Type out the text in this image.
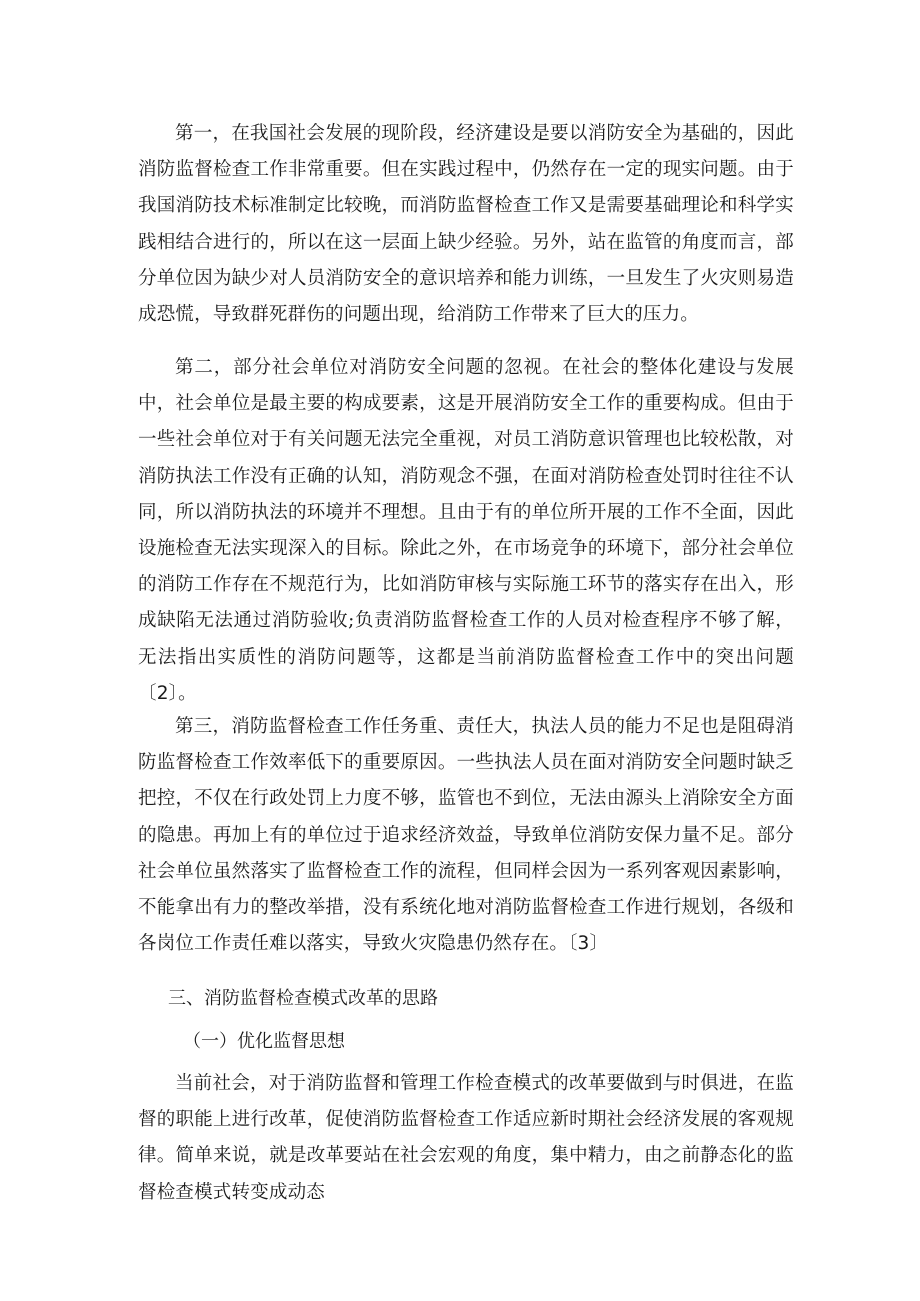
第一，在我国社会发展的现阶段，经济建设是要以消防安全为基础的，因此消防监督检查工作非常重要。但在实践过程中，仍然存在一定的现实问题。由于我国消防技术标准制定比较晚，而消防监督检查工作又是需要基础理论和科学实践相结合进行的，所以在这一层面上缺少经验。另外，站在监管的角度而言，部分单位因为缺少对人员消防安全的意识培养和能力训练，一旦发生了火灾则易造成恐慌，导致群死群伤的问题出现，给消防工作带来了巨大的压力。

第二，部分社会单位对消防安全问题的忽视。在社会的整体化建设与发展中，社会单位是最主要的构成要素，这是开展消防安全工作的重要构成。但由于一些社会单位对于有关问题无法完全重视，对员工消防意识管理也比较松散，对消防执法工作没有正确的认知，消防观念不强，在面对消防检查处罚时往往不认同，所以消防执法的环境并不理想。且由于有的单位所开展的工作不全面，因此设施检查无法实现深入的目标。除此之外，在市场竞争的环境下，部分社会单位的消防工作存在不规范行为，比如消防审核与实际施工环节的落实存在出入，形成缺陷无法通过消防验收;负责消防监督检查工作的人员对检查程序不够了解，无法指出实质性的消防问题等，这都是当前消防监督检查工作中的突出问题〔2〕。

第三，消防监督检查工作任务重、责任大，执法人员的能力不足也是阻碍消防监督检查工作效率低下的重要原因。一些执法人员在面对消防安全问题时缺乏把控，不仅在行政处罚上力度不够，监管也不到位，无法由源头上消除安全方面的隐患。再加上有的单位过于追求经济效益，导致单位消防安保力量不足。部分社会单位虽然落实了监督检查工作的流程，但同样会因为一系列客观因素影响，不能拿出有力的整改举措，没有系统化地对消防监督检查工作进行规划，各级和各岗位工作责任难以落实，导致火灾隐患仍然存在。〔3〕

三、消防监督检查模式改革的思路
（一）优化监督思想

当前社会，对于消防监督和管理工作检查模式的改革要做到与时俱进，在监督的职能上进行改革，促使消防监督检查工作适应新时期社会经济发展的客观规律。简单来说，就是改革要站在社会宏观的角度，集中精力，由之前静态化的监督检查模式转变成动态
